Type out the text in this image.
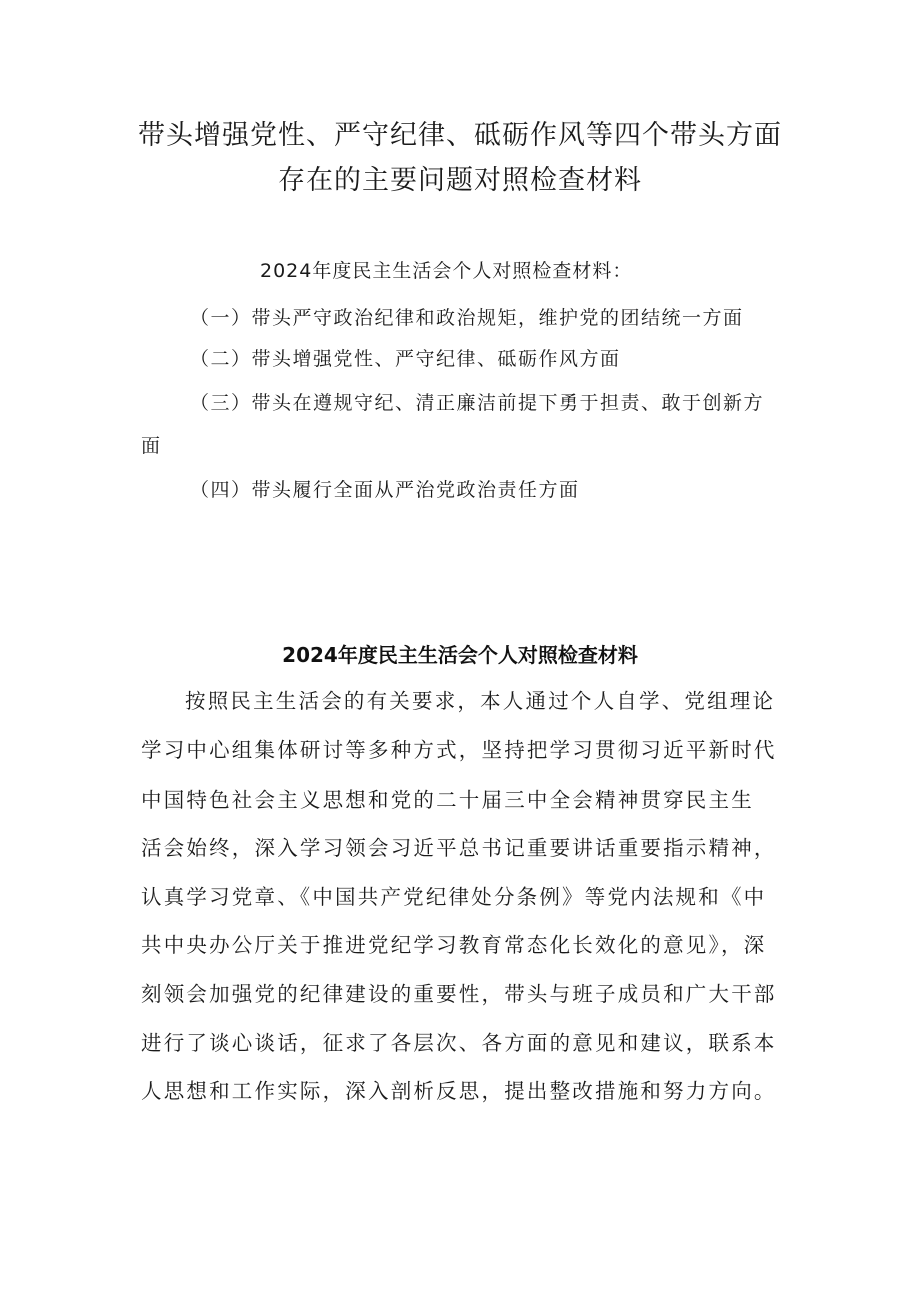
带头增强党性、严守纪律、砥砺作风等四个带头方面
存在的主要问题对照检查材料
2024年度民主生活会个人对照检查材料：
（一）带头严守政治纪律和政治规矩，维护党的团结统一方面
（二）带头增强党性、严守纪律、砥砺作风方面
（三）带头在遵规守纪、清正廉洁前提下勇于担责、敢于创新方
面
（四）带头履行全面从严治党政治责任方面
2024年度民主生活会个人对照检查材料
按照民主生活会的有关要求，本人通过个人自学、党组理论
学习中心组集体研讨等多种方式，坚持把学习贯彻习近平新时代
中国特色社会主义思想和党的二十届三中全会精神贯穿民主生
活会始终，深入学习领会习近平总书记重要讲话重要指示精神，
认真学习党章、《中国共产党纪律处分条例》等党内法规和《中
共中央办公厅关于推进党纪学习教育常态化长效化的意见》，深
刻领会加强党的纪律建设的重要性，带头与班子成员和广大干部
进行了谈心谈话，征求了各层次、各方面的意见和建议，联系本
人思想和工作实际，深入剖析反思，提出整改措施和努力方向。
